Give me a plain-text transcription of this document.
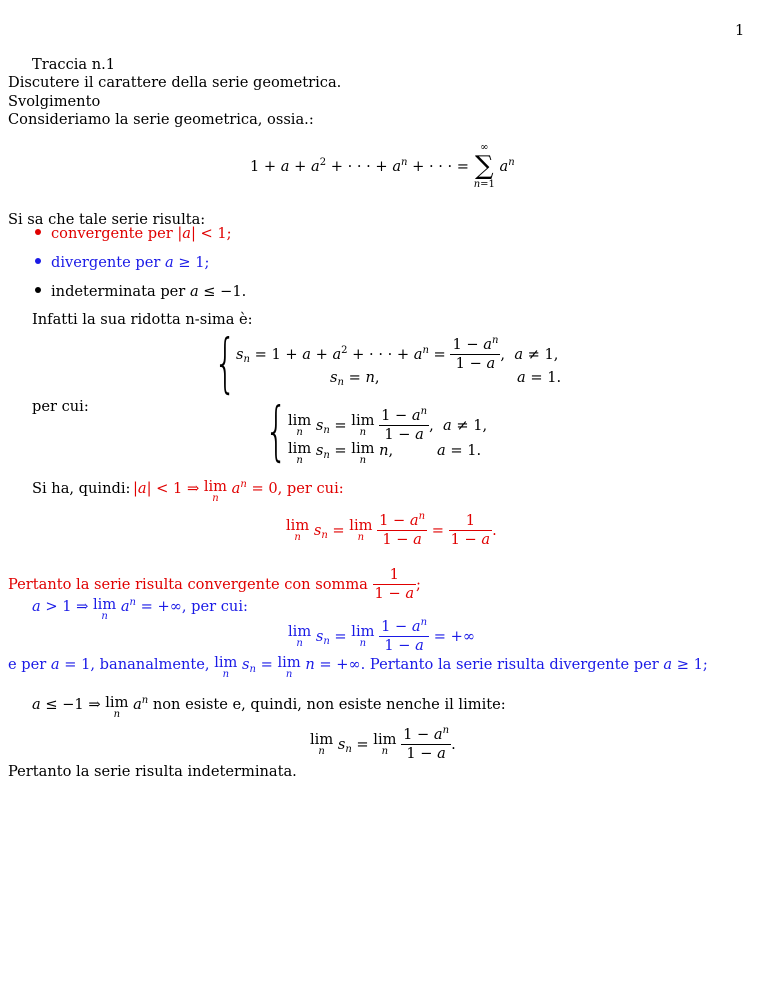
1
Traccia n.1
Discutere il carattere della serie geometrica.
Svolgimento
Consideriamo la serie geometrica, ossia.:
$1 + a + a^2$ + · · · + $a^n$ + · · · =
∞
∑
n=1
$a^n$
Si sa che tale serie risulta:
convergente per |a| < 1;
divergente per a ≥ 1;
indeterminata per a ≤ −1.
Infatti la sua ridotta n-sima è:
{ $s_n = 1 + a + a^2$ + · · · + $a^n = \frac{1 - a^n}{1 - a}$ ,  a ≠ 1,
$s_n = n$,	a = 1.
per cui:	{ lim
n $s_n = \lim$
n
$\frac{1 - a^n}{1 - a}$ ,  a ≠ 1,
lim
n
$s_n = \lim$
n
n,	a = 1.
Si ha, quindi: |a| < 1 ⇒ lim
n
$a^n = 0$, per cui:
lim
n $s_n = \lim$
n
$\frac{1 - a^n}{1 - a} = \frac{1}{1 - a}$ .
Pertanto la serie risulta convergente con somma $\frac{1}{1 - a}$ ;
a > 1 ⇒ lim
n
$a^n$ = +∞, per cui:
lim
n $s_n = \lim$
n
$\frac{1 - a^n}{1 - a}$ = +∞
e per a = 1, bananalmente, lim
n
$s_n = \lim$
n
n = +∞. Pertanto la serie risulta divergente per a ≥ 1;
a ≤ −1 ⇒ lim
n
$a^n$ non esiste e, quindi, non esiste nenche il limite:
lim
n $s_n = \lim$
n
$\frac{1 - a^n}{1 - a}$ .
Pertanto la serie risulta indeterminata.
